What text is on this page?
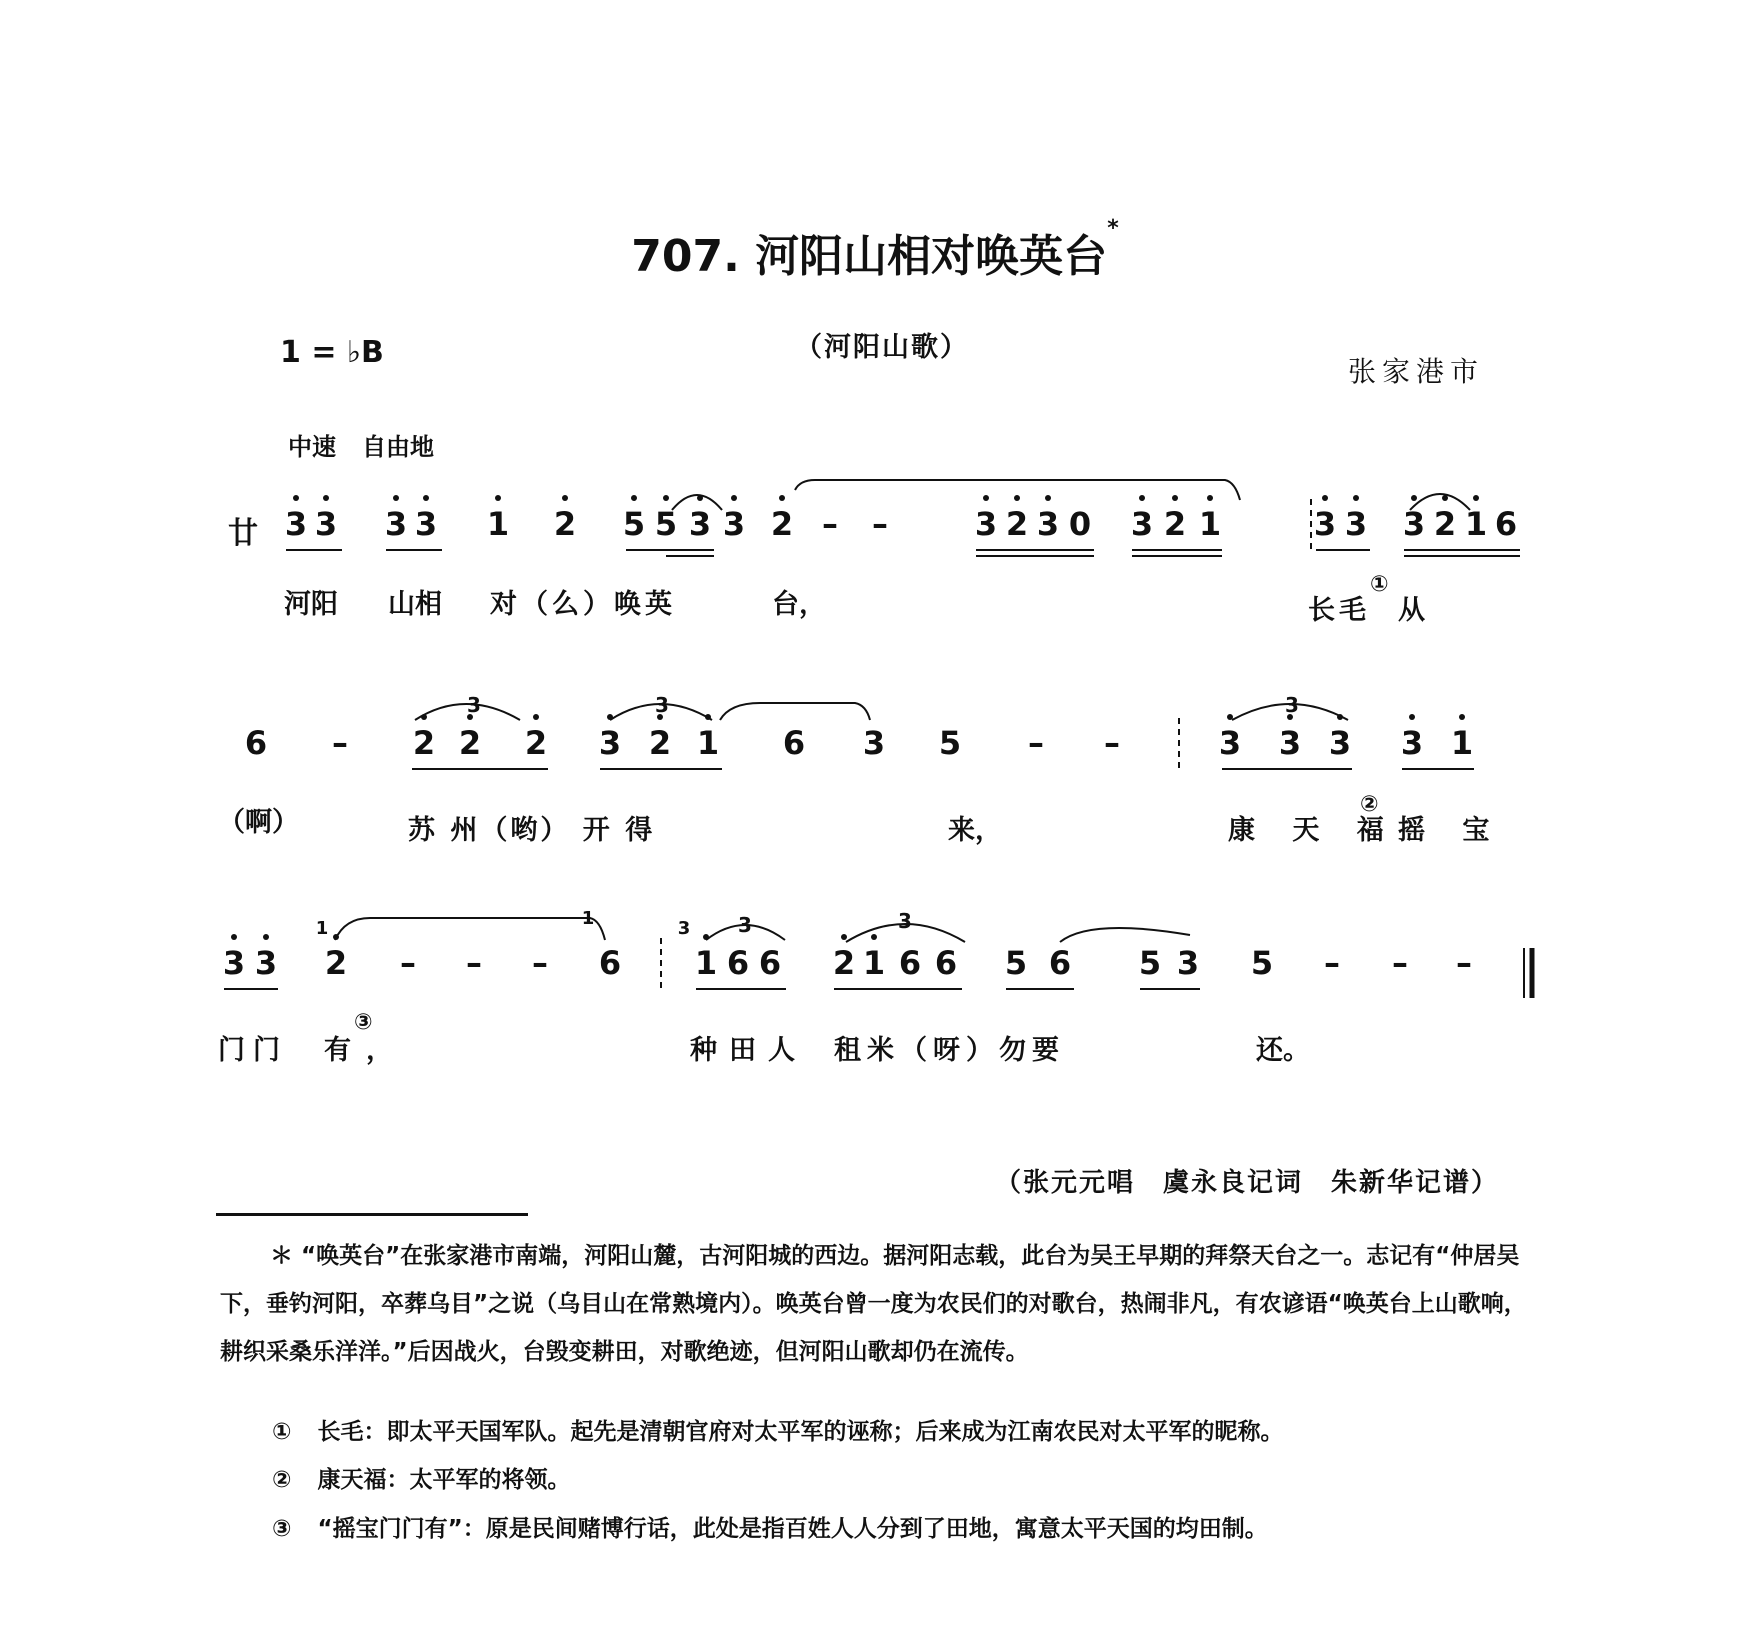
707. 河阳山相对唤英台*
1 = ♭B	（河阳山歌）
张家港市
中速 自由地
廿 3 3 3 3 1 2 5 5 3 3 2 – –	3 2 3 0 3 2 1	3 3 3 2 1 6
6 – 2 2 2 3 2 1 6 3 5 – –	3 3 3 3 1
3 3 2 – – – 6 1 6 6 2 1 6 6 5 6 5 3 5 – – –
1	1	3
河阳 山相 对（么）唤英	台，	长毛
①
从
（啊）	苏 州（哟） 开 得	来，	康 天 福
②
摇 宝
门门 有
③
，	种田人 租米（呀）勿要	还。
3	3	3
3	3
（张元元唱　虞永良记词　朱新华记谱）
＊ “唤英台”在张家港市南端，河阳山麓，古河阳城的西边。据河阳志载，此台为吴王早期的拜祭天台之一。志记有“仲居吴下，垂钓河阳，卒葬乌目”之说（乌目山在常熟境内）。唤英台曾一度为农民们的对歌台，热闹非凡，有农谚语“唤英台上山歌响，耕织采桑乐洋洋。”后因战火，台毁变耕田，对歌绝迹，但河阳山歌却仍在流传。
① 长毛：即太平天国军队。起先是清朝官府对太平军的诬称；后来成为江南农民对太平军的昵称。
② 康天福：太平军的将领。
③ “摇宝门门有”：原是民间赌博行话，此处是指百姓人人分到了田地，寓意太平天国的均田制。
